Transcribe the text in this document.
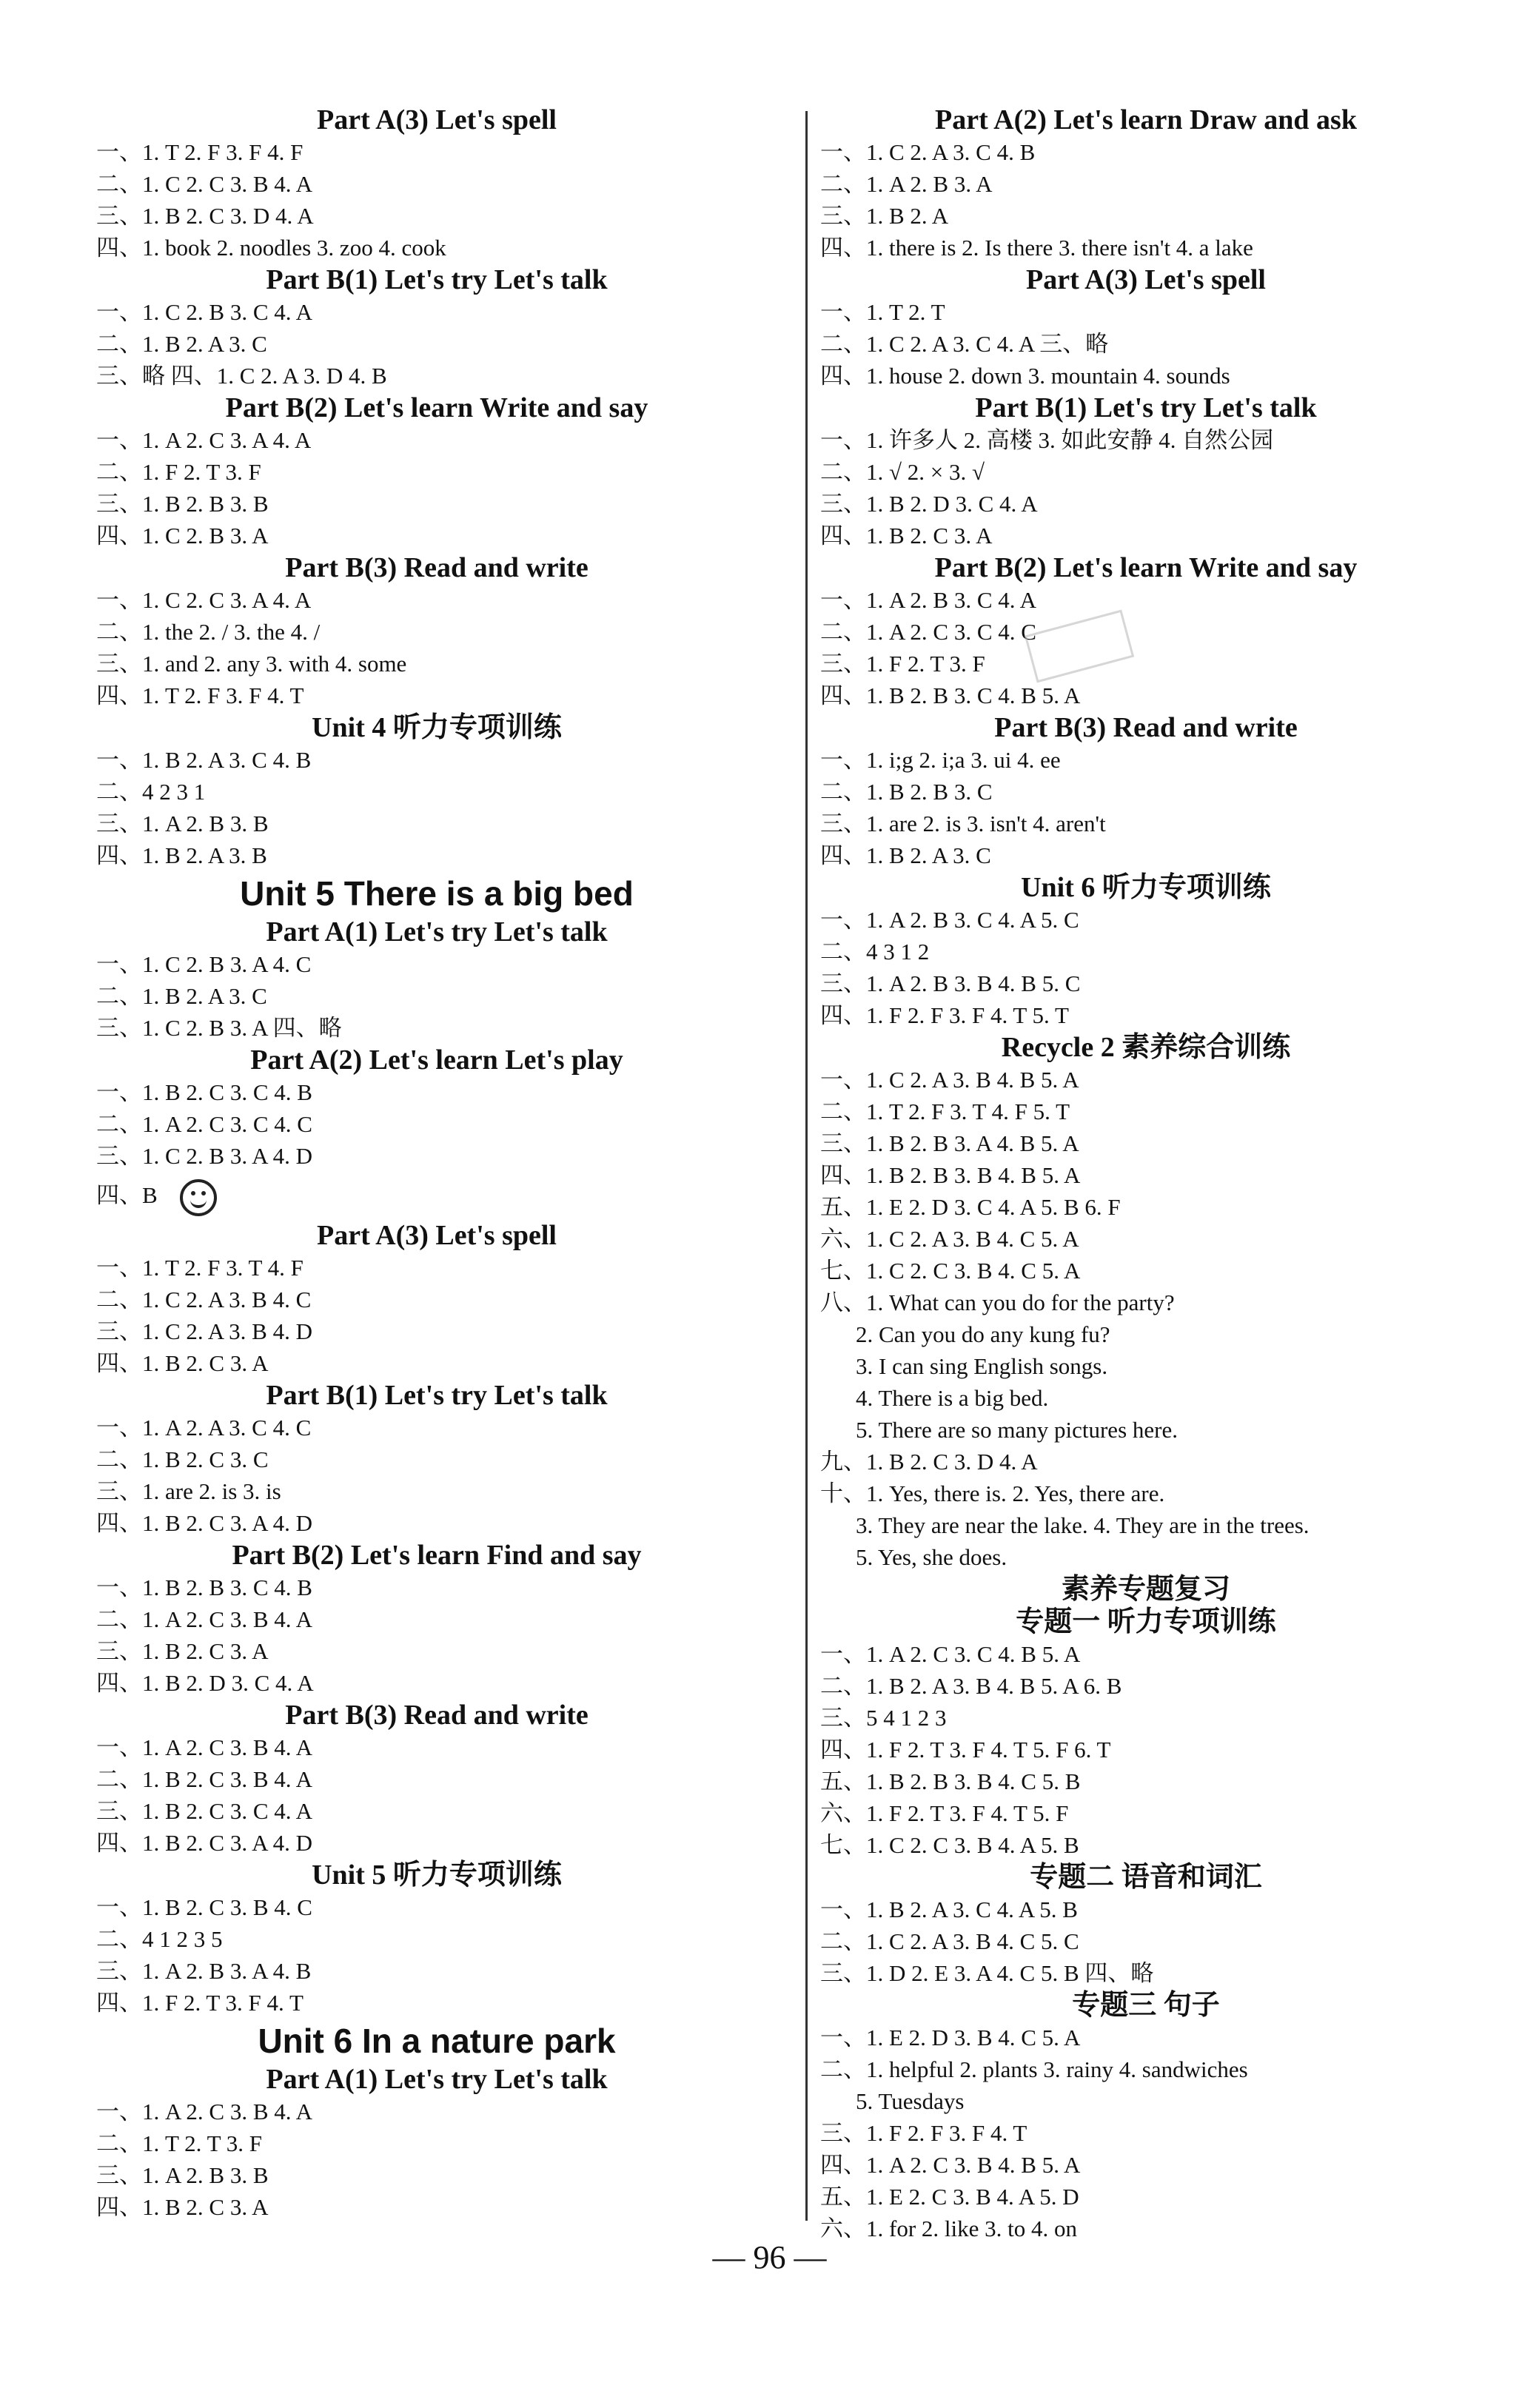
Part A(3) Let's spell
一、1. T 2. F 3. F 4. F
二、1. C 2. C 3. B 4. A
三、1. B 2. C 3. D 4. A
四、1. book 2. noodles 3. zoo 4. cook
Part B(1) Let's try Let's talk
一、1. C 2. B 3. C 4. A
二、1. B 2. A 3. C
三、略 四、1. C 2. A 3. D 4. B
Part B(2) Let's learn Write and say
一、1. A 2. C 3. A 4. A
二、1. F 2. T 3. F
三、1. B 2. B 3. B
四、1. C 2. B 3. A
Part B(3) Read and write
一、1. C 2. C 3. A 4. A
二、1. the 2. / 3. the 4. /
三、1. and 2. any 3. with 4. some
四、1. T 2. F 3. F 4. T
Unit 4 听力专项训练
一、1. B 2. A 3. C 4. B
二、4 2 3 1
三、1. A 2. B 3. B
四、1. B 2. A 3. B
Unit 5 There is a big bed
Part A(1) Let's try Let's talk
一、1. C 2. B 3. A 4. C
二、1. B 2. A 3. C
三、1. C 2. B 3. A 四、略
Part A(2) Let's learn Let's play
一、1. B 2. C 3. C 4. B
二、1. A 2. C 3. C 4. C
三、1. C 2. B 3. A 4. D
四、B
Part A(3) Let's spell
一、1. T 2. F 3. T 4. F
二、1. C 2. A 3. B 4. C
三、1. C 2. A 3. B 4. D
四、1. B 2. C 3. A
Part B(1) Let's try Let's talk
一、1. A 2. A 3. C 4. C
二、1. B 2. C 3. C
三、1. are 2. is 3. is
四、1. B 2. C 3. A 4. D
Part B(2) Let's learn Find and say
一、1. B 2. B 3. C 4. B
二、1. A 2. C 3. B 4. A
三、1. B 2. C 3. A
四、1. B 2. D 3. C 4. A
Part B(3) Read and write
一、1. A 2. C 3. B 4. A
二、1. B 2. C 3. B 4. A
三、1. B 2. C 3. C 4. A
四、1. B 2. C 3. A 4. D
Unit 5 听力专项训练
一、1. B 2. C 3. B 4. C
二、4 1 2 3 5
三、1. A 2. B 3. A 4. B
四、1. F 2. T 3. F 4. T
Unit 6 In a nature park
Part A(1) Let's try Let's talk
一、1. A 2. C 3. B 4. A
二、1. T 2. T 3. F
三、1. A 2. B 3. B
四、1. B 2. C 3. A
Part A(2) Let's learn Draw and ask
一、1. C 2. A 3. C 4. B
二、1. A 2. B 3. A
三、1. B 2. A
四、1. there is 2. Is there 3. there isn't 4. a lake
Part A(3) Let's spell
一、1. T 2. T
二、1. C 2. A 3. C 4. A 三、略
四、1. house 2. down 3. mountain 4. sounds
Part B(1) Let's try Let's talk
一、1. 许多人 2. 高楼 3. 如此安静 4. 自然公园
二、1. √ 2. × 3. √
三、1. B 2. D 3. C 4. A
四、1. B 2. C 3. A
Part B(2) Let's learn Write and say
一、1. A 2. B 3. C 4. A
二、1. A 2. C 3. C 4. C
三、1. F 2. T 3. F
四、1. B 2. B 3. C 4. B 5. A
Part B(3) Read and write
一、1. i;g 2. i;a 3. ui 4. ee
二、1. B 2. B 3. C
三、1. are 2. is 3. isn't 4. aren't
四、1. B 2. A 3. C
Unit 6 听力专项训练
一、1. A 2. B 3. C 4. A 5. C
二、4 3 1 2
三、1. A 2. B 3. B 4. B 5. C
四、1. F 2. F 3. F 4. T 5. T
Recycle 2 素养综合训练
一、1. C 2. A 3. B 4. B 5. A
二、1. T 2. F 3. T 4. F 5. T
三、1. B 2. B 3. A 4. B 5. A
四、1. B 2. B 3. B 4. B 5. A
五、1. E 2. D 3. C 4. A 5. B 6. F
六、1. C 2. A 3. B 4. C 5. A
七、1. C 2. C 3. B 4. C 5. A
八、1. What can you do for the party?
2. Can you do any kung fu?
3. I can sing English songs.
4. There is a big bed.
5. There are so many pictures here.
九、1. B 2. C 3. D 4. A
十、1. Yes, there is. 2. Yes, there are.
3. They are near the lake. 4. They are in the trees.
5. Yes, she does.
素养专题复习
专题一 听力专项训练
一、1. A 2. C 3. C 4. B 5. A
二、1. B 2. A 3. B 4. B 5. A 6. B
三、5 4 1 2 3
四、1. F 2. T 3. F 4. T 5. F 6. T
五、1. B 2. B 3. B 4. C 5. B
六、1. F 2. T 3. F 4. T 5. F
七、1. C 2. C 3. B 4. A 5. B
专题二 语音和词汇
一、1. B 2. A 3. C 4. A 5. B
二、1. C 2. A 3. B 4. C 5. C
三、1. D 2. E 3. A 4. C 5. B 四、略
专题三 句子
一、1. E 2. D 3. B 4. C 5. A
二、1. helpful 2. plants 3. rainy 4. sandwiches
5. Tuesdays
三、1. F 2. F 3. F 4. T
四、1. A 2. C 3. B 4. B 5. A
五、1. E 2. C 3. B 4. A 5. D
六、1. for 2. like 3. to 4. on
— 96 —
